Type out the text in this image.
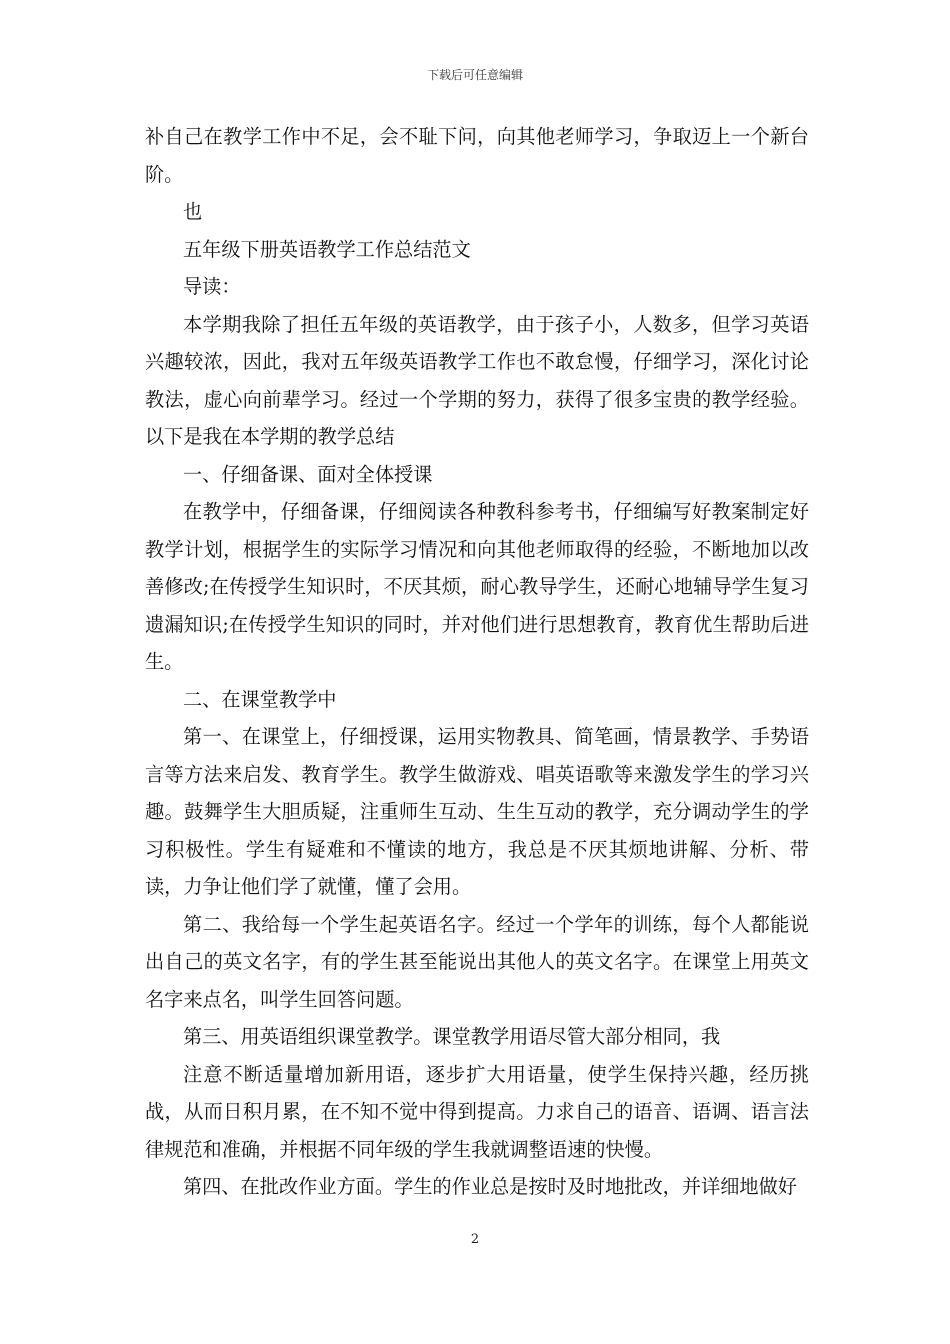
下载后可任意编辑

补自己在教学工作中不足，会不耻下问，向其他老师学习，争取迈上一个新台阶。

也

五年级下册英语教学工作总结范文

导读：

本学期我除了担任五年级的英语教学，由于孩子小，人数多，但学习英语兴趣较浓，因此，我对五年级英语教学工作也不敢怠慢，仔细学习，深化讨论教法，虚心向前辈学习。经过一个学期的努力，获得了很多宝贵的教学经验。以下是我在本学期的教学总结

一、仔细备课、面对全体授课

在教学中，仔细备课，仔细阅读各种教科参考书，仔细编写好教案制定好教学计划，根据学生的实际学习情况和向其他老师取得的经验，不断地加以改善修改;在传授学生知识时，不厌其烦，耐心教导学生，还耐心地辅导学生复习遗漏知识;在传授学生知识的同时，并对他们进行思想教育，教育优生帮助后进生。

二、在课堂教学中

第一、在课堂上，仔细授课，运用实物教具、简笔画，情景教学、手势语言等方法来启发、教育学生。教学生做游戏、唱英语歌等来激发学生的学习兴趣。鼓舞学生大胆质疑，注重师生互动、生生互动的教学，充分调动学生的学习积极性。学生有疑难和不懂读的地方，我总是不厌其烦地讲解、分析、带读，力争让他们学了就懂，懂了会用。

第二、我给每一个学生起英语名字。经过一个学年的训练，每个人都能说出自己的英文名字，有的学生甚至能说出其他人的英文名字。在课堂上用英文名字来点名，叫学生回答问题。

第三、用英语组织课堂教学。课堂教学用语尽管大部分相同，我

注意不断适量增加新用语，逐步扩大用语量，使学生保持兴趣，经历挑战，从而日积月累，在不知不觉中得到提高。力求自己的语音、语调、语言法律规范和准确，并根据不同年级的学生我就调整语速的快慢。

第四、在批改作业方面。学生的作业总是按时及时地批改，并详细地做好

2
